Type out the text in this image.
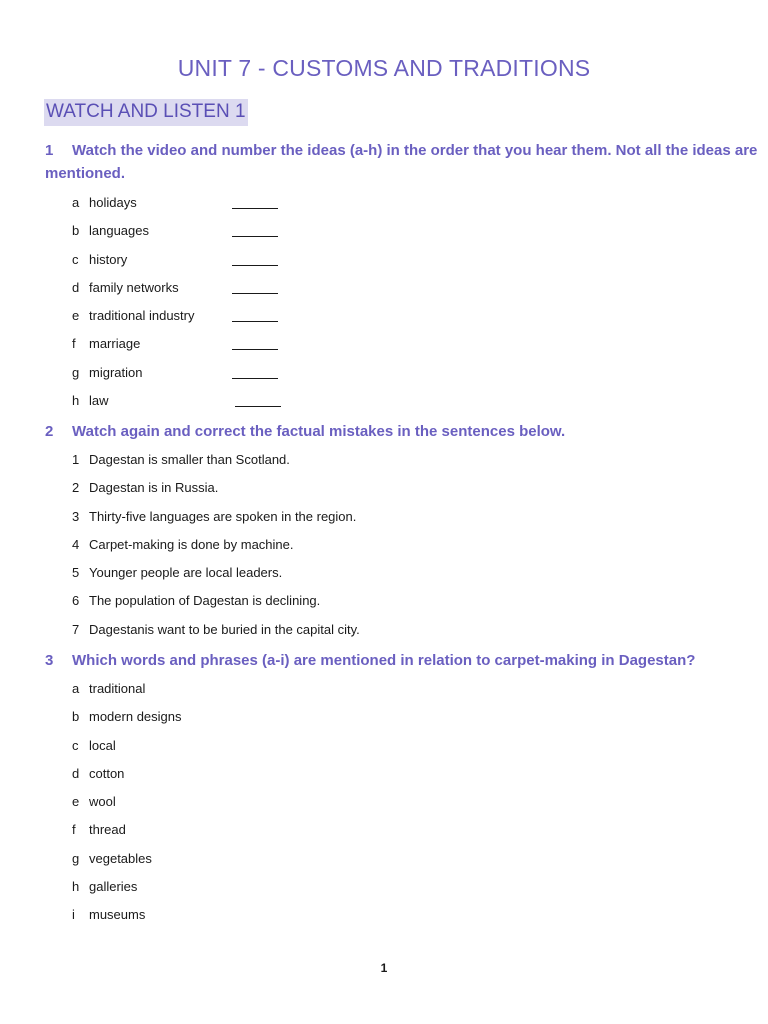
UNIT 7 - CUSTOMS AND TRADITIONS
WATCH AND LISTEN 1
1 Watch the video and number the ideas (a-h) in the order that you hear them. Not all the ideas are mentioned.
a holidays
b languages
c history
d family networks
e traditional industry
f marriage
g migration
h law
2 Watch again and correct the factual mistakes in the sentences below.
1 Dagestan is smaller than Scotland.
2 Dagestan is in Russia.
3 Thirty-five languages are spoken in the region.
4 Carpet-making is done by machine.
5 Younger people are local leaders.
6 The population of Dagestan is declining.
7 Dagestanis want to be buried in the capital city.
3 Which words and phrases (a-i) are mentioned in relation to carpet-making in Dagestan?
a traditional
b modern designs
c local
d cotton
e wool
f thread
g vegetables
h galleries
i museums
1
